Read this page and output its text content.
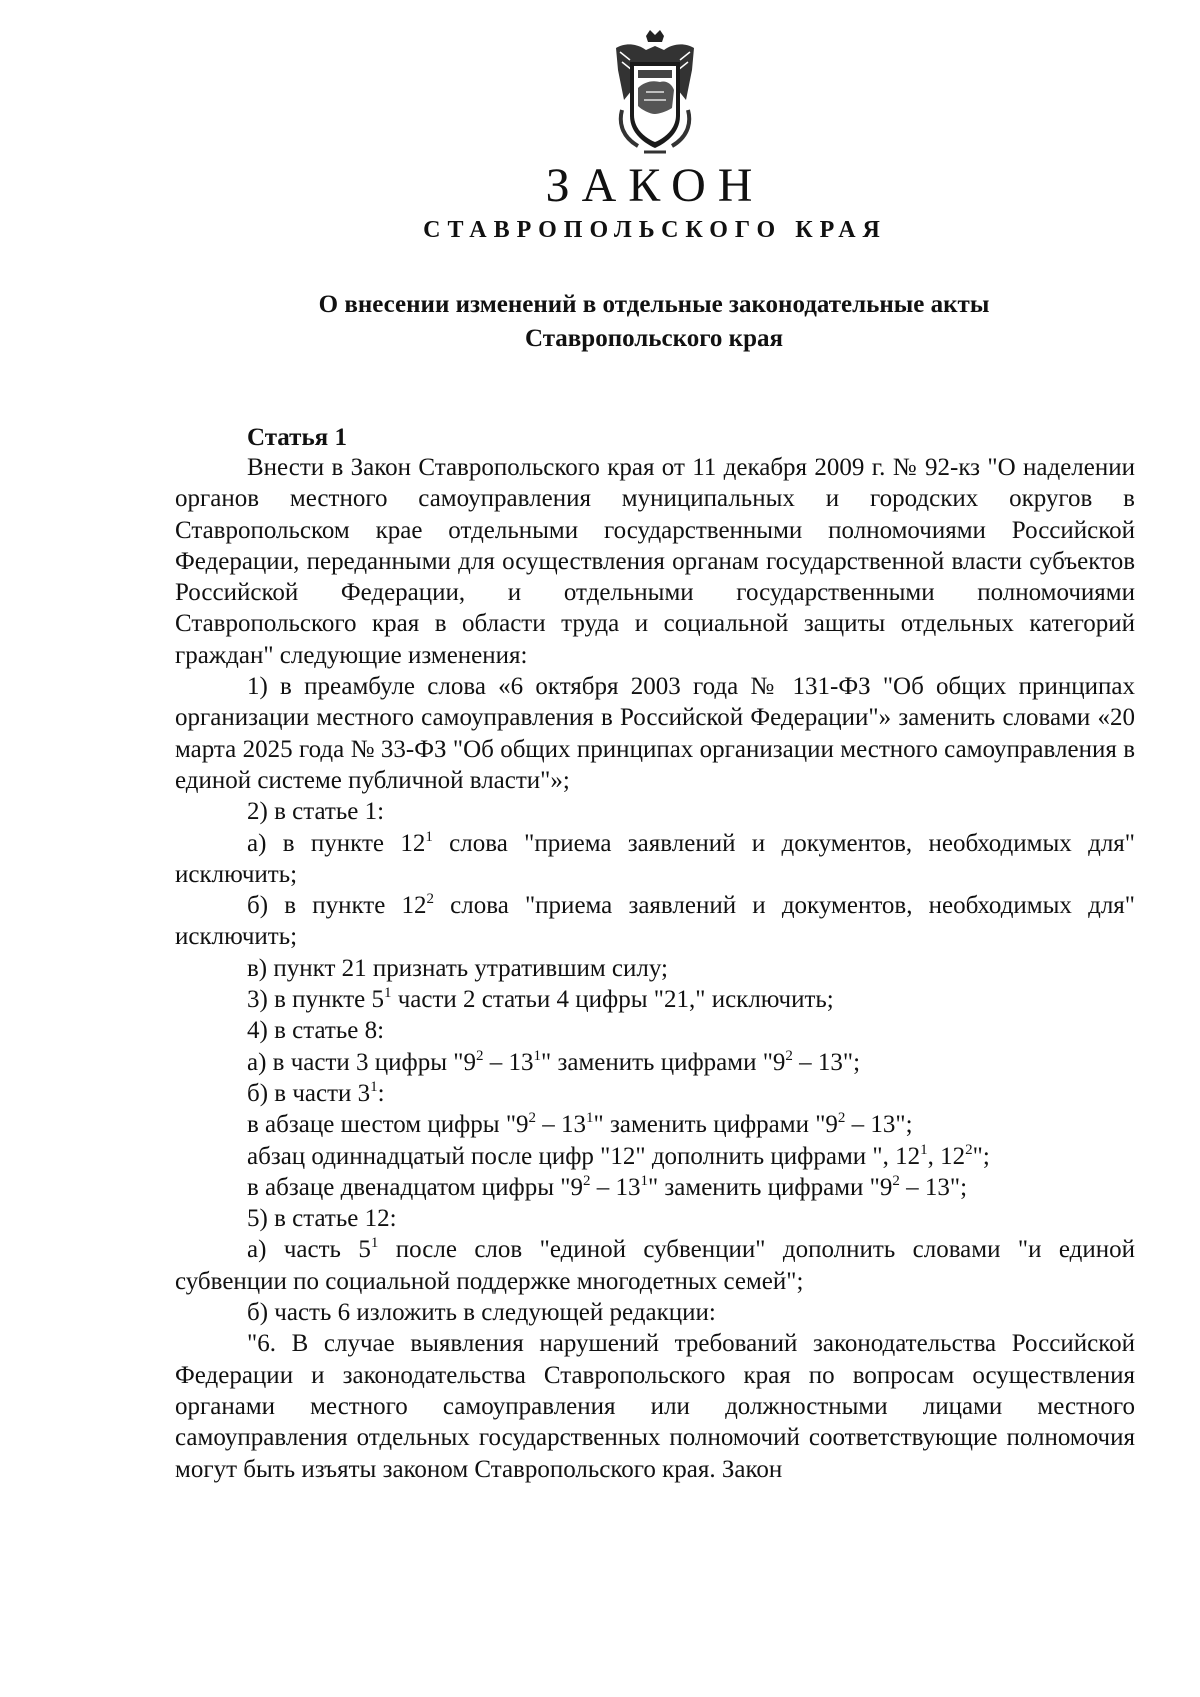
ЗАКОН
СТАВРОПОЛЬСКОГО КРАЯ
О внесении изменений в отдельные законодательные акты
Ставропольского края
Статья 1

Внести в Закон Ставропольского края от 11 декабря 2009 г. № 92-кз "О наделении органов местного самоуправления муниципальных и городских округов в Ставропольском крае отдельными государственными полномочиями Российской Федерации, переданными для осуществления органам государственной власти субъектов Российской Федерации, и отдельными государственными полномочиями Ставропольского края в области труда и социальной защиты отдельных категорий граждан" следующие изменения:

1) в преамбуле слова «6 октября 2003 года № 131-ФЗ "Об общих принципах организации местного самоуправления в Российской Федерации"» заменить словами «20 марта 2025 года № 33-ФЗ "Об общих принципах организации местного самоуправления в единой системе публичной власти"»;

2) в статье 1:

а) в пункте $12^1$ слова "приема заявлений и документов, необходимых для" исключить;

б) в пункте $12^2$ слова "приема заявлений и документов, необходимых для" исключить;

в) пункт 21 признать утратившим силу;

3) в пункте $5^1$ части 2 статьи 4 цифры "21," исключить;

4) в статье 8:

а) в части 3 цифры "$9^2 - 13^1$" заменить цифрами "$9^2 - 13$";

б) в части $3^1$:

в абзаце шестом цифры "$9^2 - 13^1$" заменить цифрами "$9^2 - 13$";

абзац одиннадцатый после цифр "12" дополнить цифрами ", $12^1$, $12^2$";

в абзаце двенадцатом цифры "$9^2 - 13^1$" заменить цифрами "$9^2 - 13$";

5) в статье 12:

а) часть $5^1$ после слов "единой субвенции" дополнить словами "и единой субвенции по социальной поддержке многодетных семей";

б) часть 6 изложить в следующей редакции:

"6. В случае выявления нарушений требований законодательства Российской Федерации и законодательства Ставропольского края по вопросам осуществления органами местного самоуправления или должностными лицами местного самоуправления отдельных государственных полномочий соответствующие полномочия могут быть изъяты законом Ставропольского края. Закон
